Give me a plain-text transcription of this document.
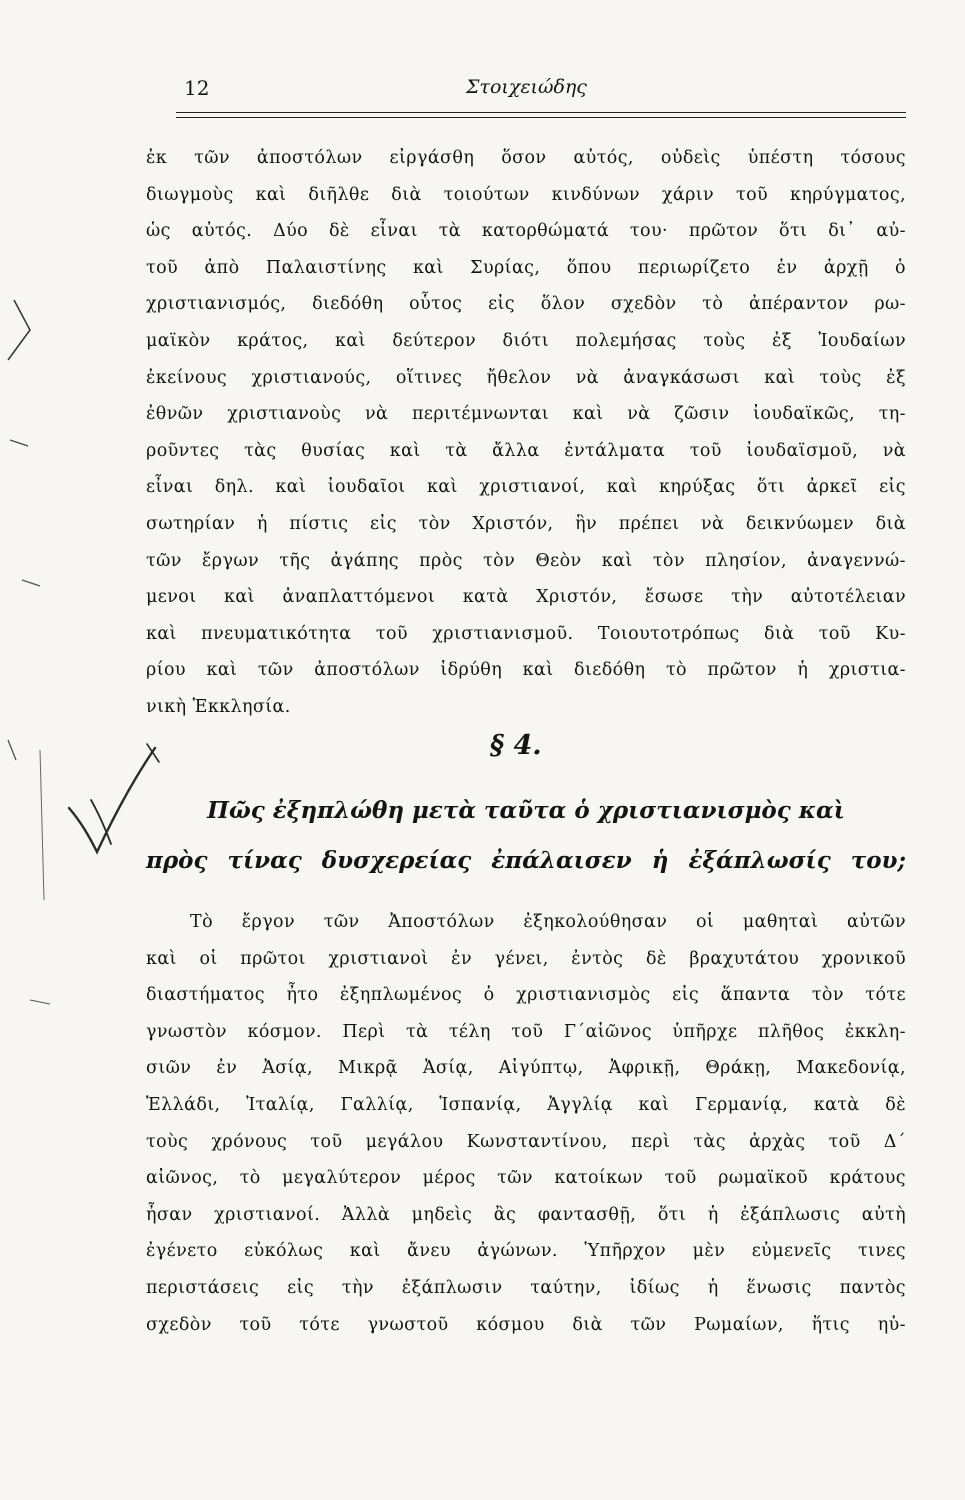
12	Στοιχειώδης
ἐκ τῶν ἀποστόλων εἰργάσθη ὅσον αὐτός, οὐδεὶς ὑπέστη τόσους
διωγμοὺς καὶ διῆλθε διὰ τοιούτων κινδύνων χάριν τοῦ κηρύγματος,
ὡς αὐτός. Δύο δὲ εἶναι τὰ κατορθώματά του· πρῶτον ὅτι δι᾽ αὐ-
τοῦ ἀπὸ Παλαιστίνης καὶ Συρίας, ὅπου περιωρίζετο ἐν ἀρχῇ ὁ
χριστιανισμός, διεδόθη οὗτος εἰς ὅλον σχεδὸν τὸ ἀπέραντον ρω-
μαϊκὸν κράτος, καὶ δεύτερον διότι πολεμήσας τοὺς ἐξ Ἰουδαίων
ἐκείνους χριστιανούς, οἵτινες ἤθελον νὰ ἀναγκάσωσι καὶ τοὺς ἐξ
ἐθνῶν χριστιανοὺς νὰ περιτέμνωνται καὶ νὰ ζῶσιν ἰουδαϊκῶς, τη-
ροῦντες τὰς θυσίας καὶ τὰ ἄλλα ἐντάλματα τοῦ ἰουδαϊσμοῦ, νὰ
εἶναι δηλ. καὶ ἰουδαῖοι καὶ χριστιανοί, καὶ κηρύξας ὅτι ἀρκεῖ εἰς
σωτηρίαν ἡ πίστις εἰς τὸν Χριστόν, ἣν πρέπει νὰ δεικνύωμεν διὰ
τῶν ἔργων τῆς ἀγάπης πρὸς τὸν Θεὸν καὶ τὸν πλησίον, ἀναγεννώ-
μενοι καὶ ἀναπλαττόμενοι κατὰ Χριστόν, ἔσωσε τὴν αὐτοτέλειαν
καὶ πνευματικότητα τοῦ χριστιανισμοῦ. Τοιουτοτρόπως διὰ τοῦ Κυ-
ρίου καὶ τῶν ἀποστόλων ἱδρύθη καὶ διεδόθη τὸ πρῶτον ἡ χριστια-
νικὴ Ἐκκλησία.
§ 4.
Πῶς ἐξηπλώθη μετὰ ταῦτα ὁ χριστιανισμὸς καὶ
πρὸς τίνας δυσχερείας ἐπάλαισεν ἡ ἐξάπλωσίς του;
Τὸ ἔργον τῶν Ἀποστόλων ἐξηκολούθησαν οἱ μαθηταὶ αὐτῶν
καὶ οἱ πρῶτοι χριστιανοὶ ἐν γένει, ἐντὸς δὲ βραχυτάτου χρονικοῦ
διαστήματος ἦτο ἐξηπλωμένος ὁ χριστιανισμὸς εἰς ἅπαντα τὸν τότε
γνωστὸν κόσμον. Περὶ τὰ τέλη τοῦ Γ΄αἰῶνος ὑπῆρχε πλῆθος ἐκκλη-
σιῶν ἐν Ἀσίᾳ, Μικρᾷ Ἀσίᾳ, Αἰγύπτῳ, Ἀφρικῇ, Θράκῃ, Μακεδονίᾳ,
Ἑλλάδι, Ἰταλίᾳ, Γαλλίᾳ, Ἱσπανίᾳ, Ἀγγλίᾳ καὶ Γερμανίᾳ, κατὰ δὲ
τοὺς χρόνους τοῦ μεγάλου Κωνσταντίνου, περὶ τὰς ἀρχὰς τοῦ Δ΄
αἰῶνος, τὸ μεγαλύτερον μέρος τῶν κατοίκων τοῦ ρωμαϊκοῦ κράτους
ἦσαν χριστιανοί. Ἀλλὰ μηδεὶς ἂς φαντασθῇ, ὅτι ἡ ἐξάπλωσις αὐτὴ
ἐγένετο εὐκόλως καὶ ἄνευ ἀγώνων. Ὑπῆρχον μὲν εὐμενεῖς τινες
περιστάσεις εἰς τὴν ἐξάπλωσιν ταύτην, ἰδίως ἡ ἕνωσις παντὸς
σχεδὸν τοῦ τότε γνωστοῦ κόσμου διὰ τῶν Ρωμαίων, ἥτις ηὐ-
